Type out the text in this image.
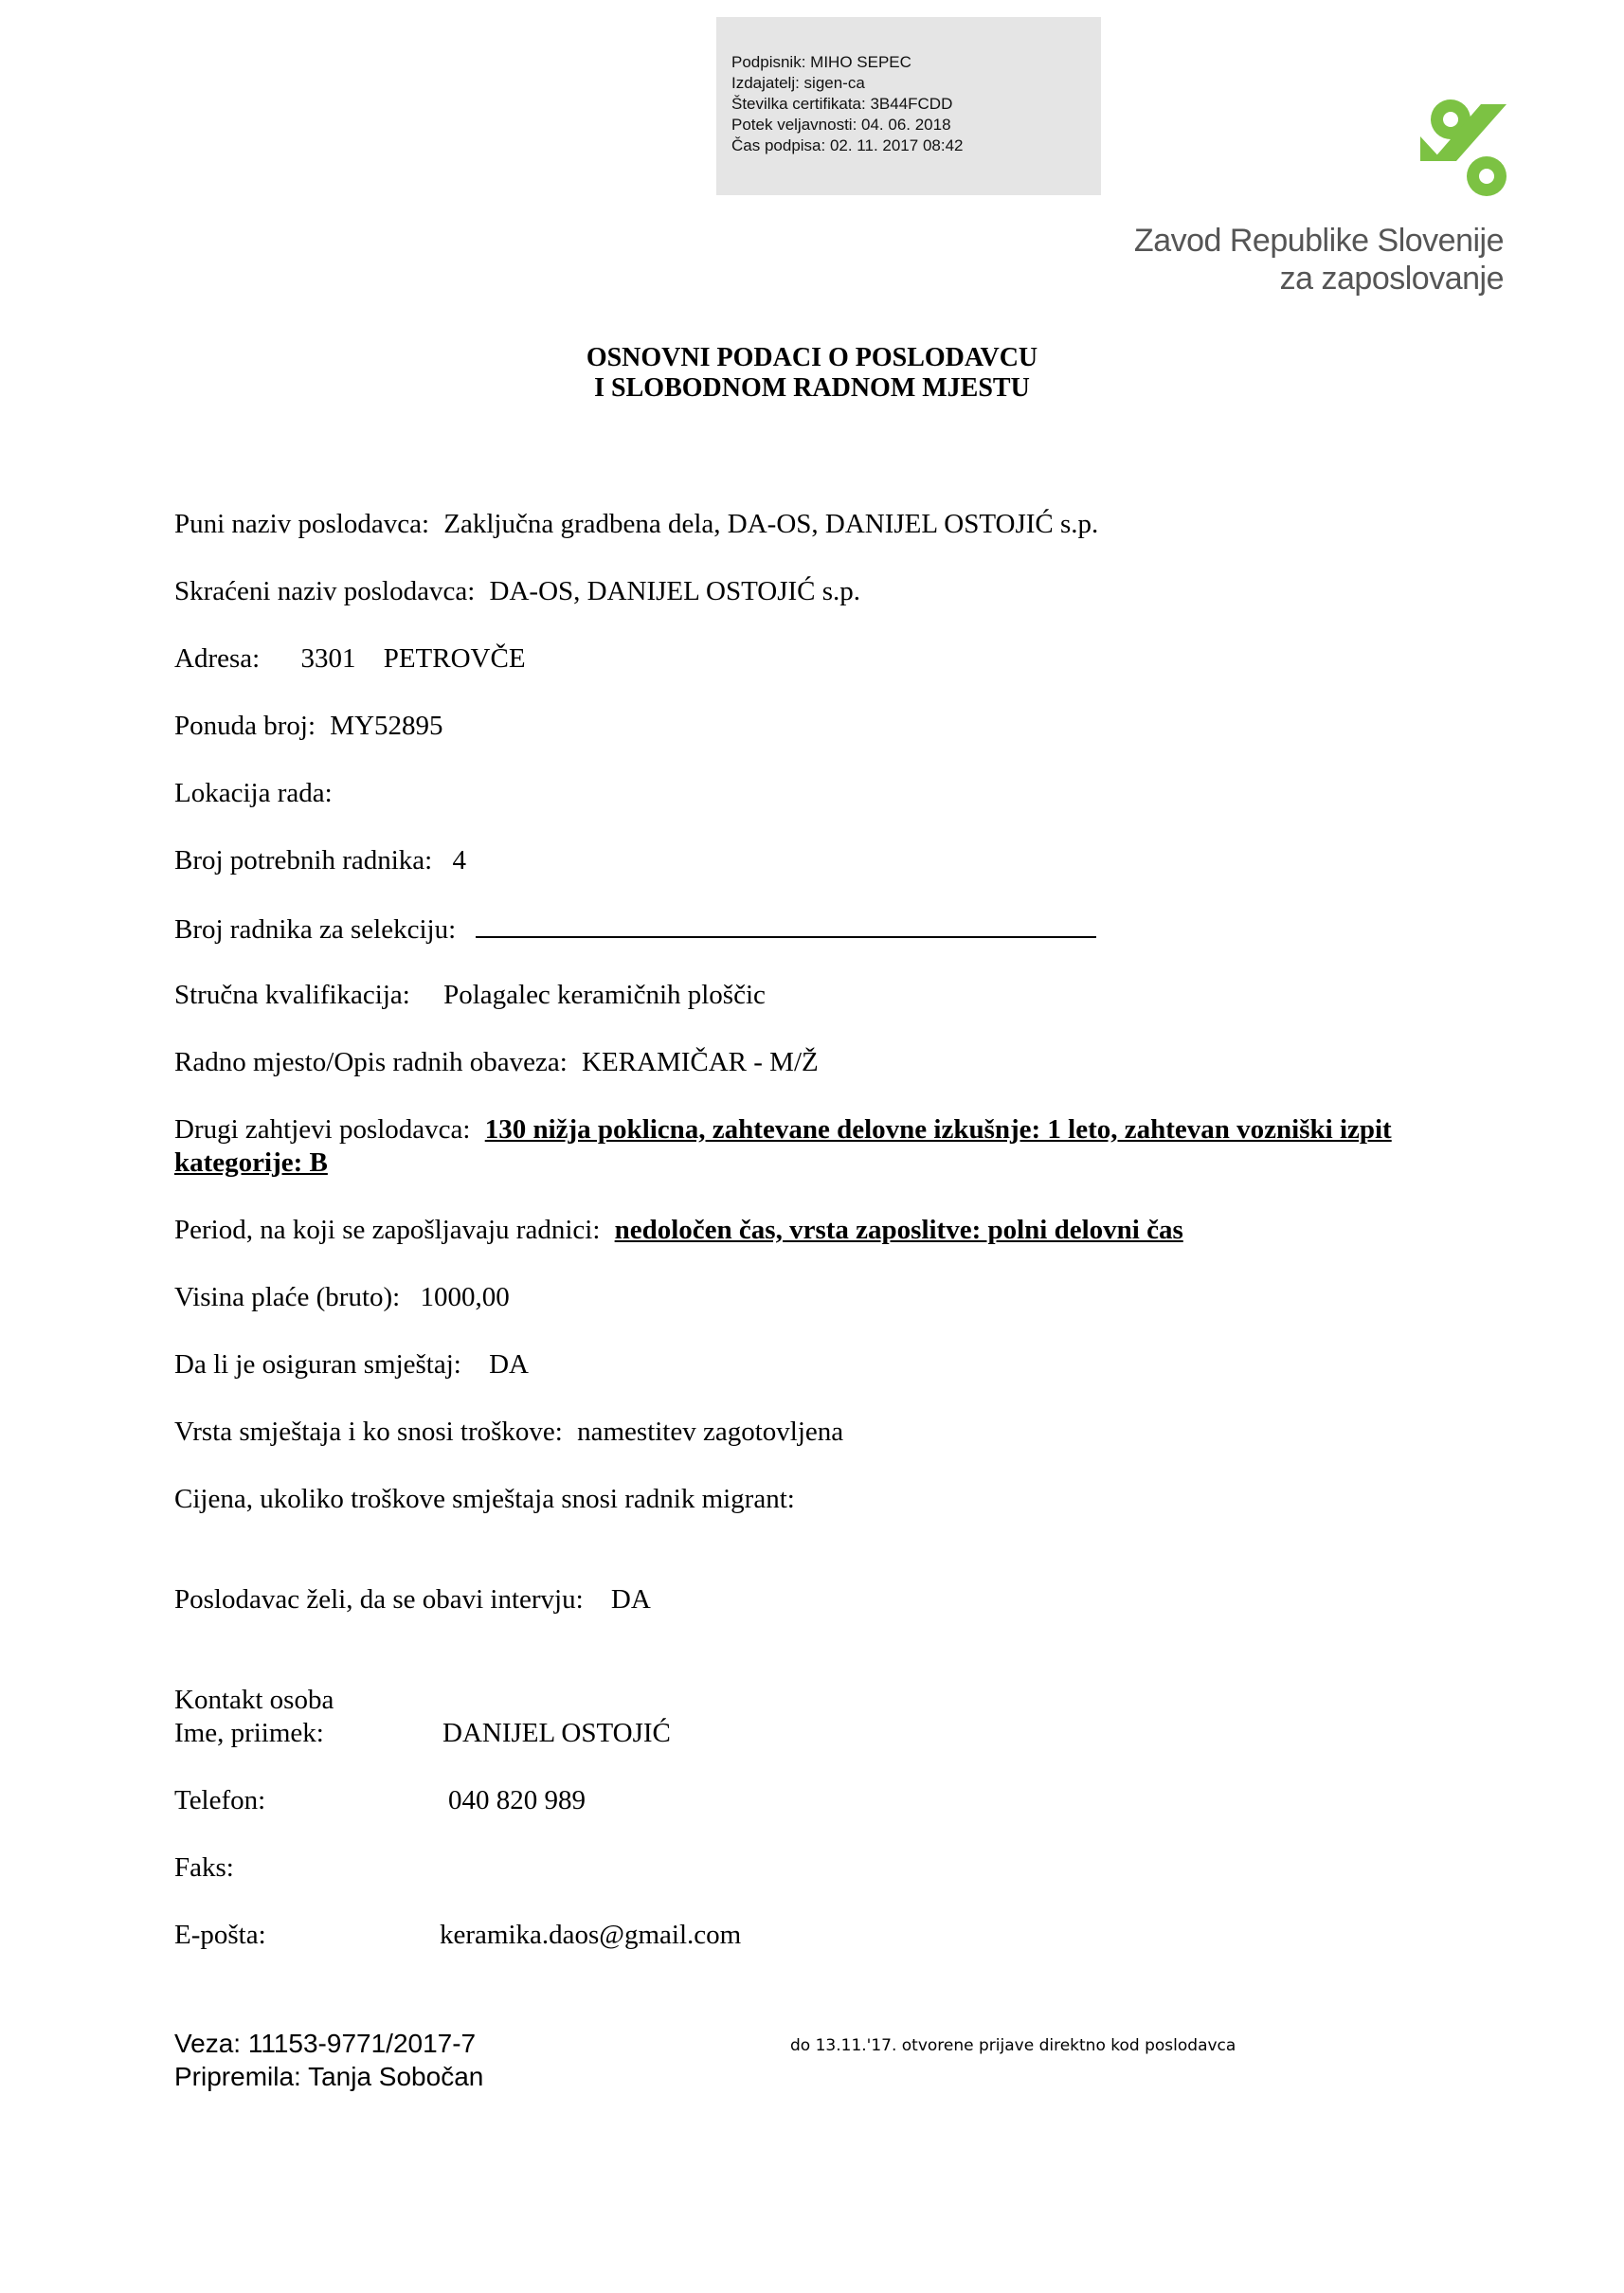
Podpisnik: MIHO SEPEC
Izdajatelj: sigen-ca
Številka certifikata: 3B44FCDD
Potek veljavnosti: 04. 06. 2018
Čas podpisa: 02. 11. 2017 08:42
Zavod Republike Slovenije
za zaposlovanje
OSNOVNI PODACI O POSLODAVCU
I SLOBODNOM RADNOM MJESTU
Puni naziv poslodavca: Zaključna gradbena dela, DA-OS, DANIJEL OSTOJIĆ s.p.
Skraćeni naziv poslodavca: DA-OS, DANIJEL OSTOJIĆ s.p.
Adresa: 3301 PETROVČE
Ponuda broj: MY52895
Lokacija rada:
Broj potrebnih radnika: 4
Broj radnika za selekciju:
Stručna kvalifikacija: Polagalec keramičnih ploščic
Radno mjesto/Opis radnih obaveza: KERAMIČAR - M/Ž
Drugi zahtjevi poslodavca: 130 nižja poklicna, zahtevane delovne izkušnje: 1 leto, zahtevan vozniški izpit
kategorije: B
Period, na koji se zapošljavaju radnici: nedoločen čas, vrsta zaposlitve: polni delovni čas
Visina plaće (bruto): 1000,00
Da li je osiguran smještaj: DA
Vrsta smještaja i ko snosi troškove: namestitev zagotovljena
Cijena, ukoliko troškove smještaja snosi radnik migrant:
Poslodavac želi, da se obavi intervju: DA
Kontakt osoba
Ime, priimek:	DANIJEL OSTOJIĆ
Telefon:	040 820 989
Faks:
E-pošta:	keramika.daos@gmail.com
Veza: 11153-9771/2017-7
Pripremila: Tanja Sobočan
do 13.11.'17. otvorene prijave direktno kod poslodavca
